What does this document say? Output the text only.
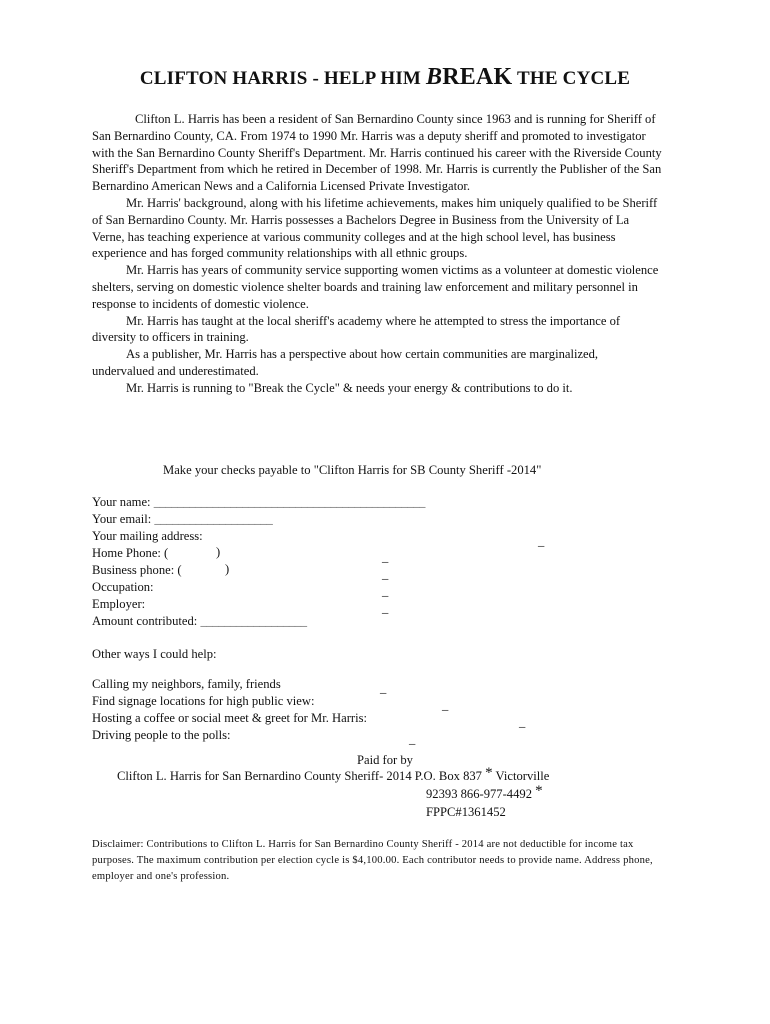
CLIFTON HARRIS - HELP HIM BREAK THE CYCLE

Clifton L. Harris has been a resident of San Bernardino County since 1963 and is running for Sheriff of San Bernardino County, CA. From 1974 to 1990 Mr. Harris was a deputy sheriff and promoted to investigator with the San Bernardino County Sheriff's Department. Mr. Harris continued his career with the Riverside County Sheriff's Department from which he retired in December of 1998. Mr. Harris is currently the Publisher of the San Bernardino American News and a California Licensed Private Investigator.

Mr. Harris' background, along with his lifetime achievements, makes him uniquely qualified to be Sheriff of San Bernardino County. Mr. Harris possesses a Bachelors Degree in Business from the University of La Verne, has teaching experience at various community colleges and at the high school level, has business experience and has forged community relationships with all ethnic groups.

Mr. Harris has years of community service supporting women victims as a volunteer at domestic violence shelters, serving on domestic violence shelter boards and training law enforcement and military personnel in response to incidents of domestic violence.

Mr. Harris has taught at the local sheriff's academy where he attempted to stress the importance of diversity to officers in training.

As a publisher, Mr. Harris has a perspective about how certain communities are marginalized, undervalued and underestimated.

Mr. Harris is running to "Break the Cycle" & needs your energy & contributions to do it.

Make your checks payable to "Clifton Harris for SB County Sheriff -2014"
Your name: ______________________________________________
Your email: ____________________
Your mailing address:	_
Home Phone: (	)	_
Business phone: (	)	_
Occupation:	_
Employer:	_
Amount contributed: __________________
Other ways I could help:
Calling my neighbors, family, friends	_
Find signage locations for high public view:	_
Hosting a coffee or social meet & greet for Mr. Harris:	_
Driving people to the polls:	_
Paid for by
Clifton L. Harris for San Bernardino County Sheriff- 2014 P.O. Box 837 * Victorville
92393 866-977-4492 *
FPPC#1361452
Disclaimer: Contributions to Clifton L. Harris for San Bernardino County Sheriff - 2014 are not deductible for income tax purposes. The maximum contribution per election cycle is $4,100.00. Each contributor needs to provide name. Address phone, employer and one's profession.
